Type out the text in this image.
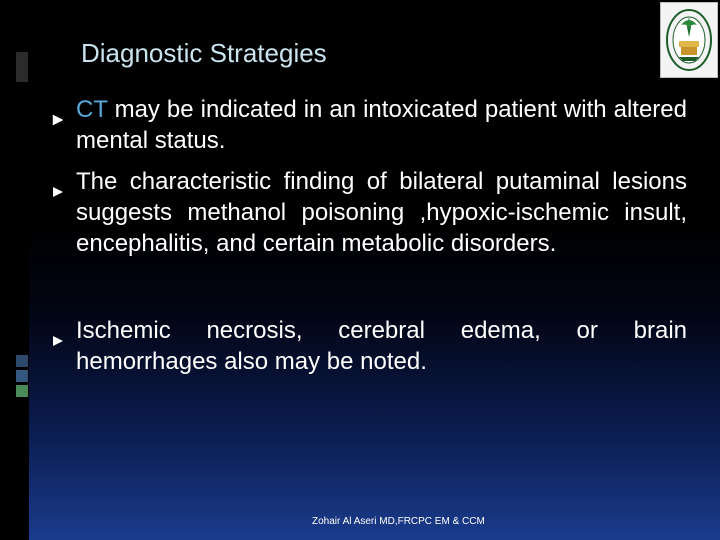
Diagnostic Strategies

CT may be indicated in an intoxicated patient with altered mental status.

The characteristic finding of bilateral putaminal lesions suggests methanol poisoning ,hypoxic-ischemic insult, encephalitis, and certain metabolic disorders.

Ischemic necrosis, cerebral edema, or brain hemorrhages also may be noted.

Zohair Al Aseri MD,FRCPC EM & CCM
